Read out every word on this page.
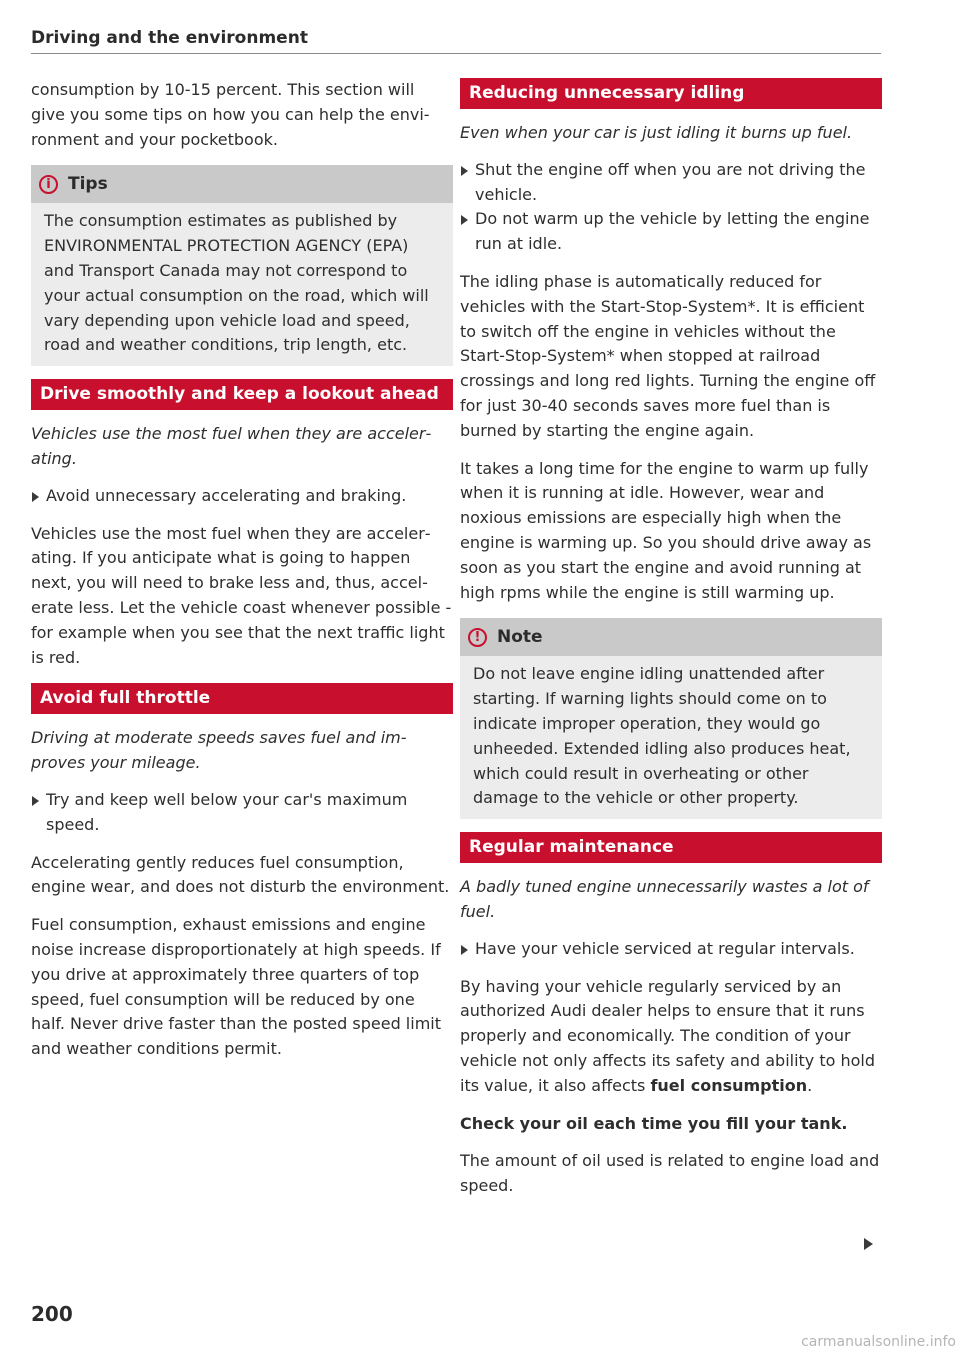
Driving and the environment

consumption by 10-15 percent. This section will give you some tips on how you can help the environment and your pocketbook.

i	Tips

The consumption estimates as published by ENVIRONMENTAL PROTECTION AGENCY (EPA) and Transport Canada may not correspond to your actual consumption on the road, which will vary depending upon vehicle load and speed, road and weather conditions, trip length, etc.

Drive smoothly and keep a lookout ahead

Vehicles use the most fuel when they are accelerating.

Avoid unnecessary accelerating and braking.

Vehicles use the most fuel when they are accelerating. If you anticipate what is going to happen next, you will need to brake less and, thus, accelerate less. Let the vehicle coast whenever possible - for example when you see that the next traffic light is red.

Avoid full throttle

Driving at moderate speeds saves fuel and improves your mileage.

Try and keep well below your car's maximum speed.

Accelerating gently reduces fuel consumption, engine wear, and does not disturb the environment.

Fuel consumption, exhaust emissions and engine noise increase disproportionately at high speeds. If you drive at approximately three quarters of top speed, fuel consumption will be reduced by one half. Never drive faster than the posted speed limit and weather conditions permit.

Reducing unnecessary idling

Even when your car is just idling it burns up fuel.

Shut the engine off when you are not driving the vehicle.

Do not warm up the vehicle by letting the engine run at idle.

The idling phase is automatically reduced for vehicles with the Start-Stop-System*. It is efficient to switch off the engine in vehicles without the Start-Stop-System* when stopped at railroad crossings and long red lights. Turning the engine off for just 30-40 seconds saves more fuel than is burned by starting the engine again.

It takes a long time for the engine to warm up fully when it is running at idle. However, wear and noxious emissions are especially high when the engine is warming up. So you should drive away as soon as you start the engine and avoid running at high rpms while the engine is still warming up.

! Note

Do not leave engine idling unattended after starting. If warning lights should come on to indicate improper operation, they would go unheeded. Extended idling also produces heat, which could result in overheating or other damage to the vehicle or other property.

Regular maintenance

A badly tuned engine unnecessarily wastes a lot of fuel.

Have your vehicle serviced at regular intervals.

By having your vehicle regularly serviced by an authorized Audi dealer helps to ensure that it runs properly and economically. The condition of your vehicle not only affects its safety and ability to hold its value, it also affects fuel consumption.

Check your oil each time you fill your tank.

The amount of oil used is related to engine load and speed.

200
carmanualsonline.info
